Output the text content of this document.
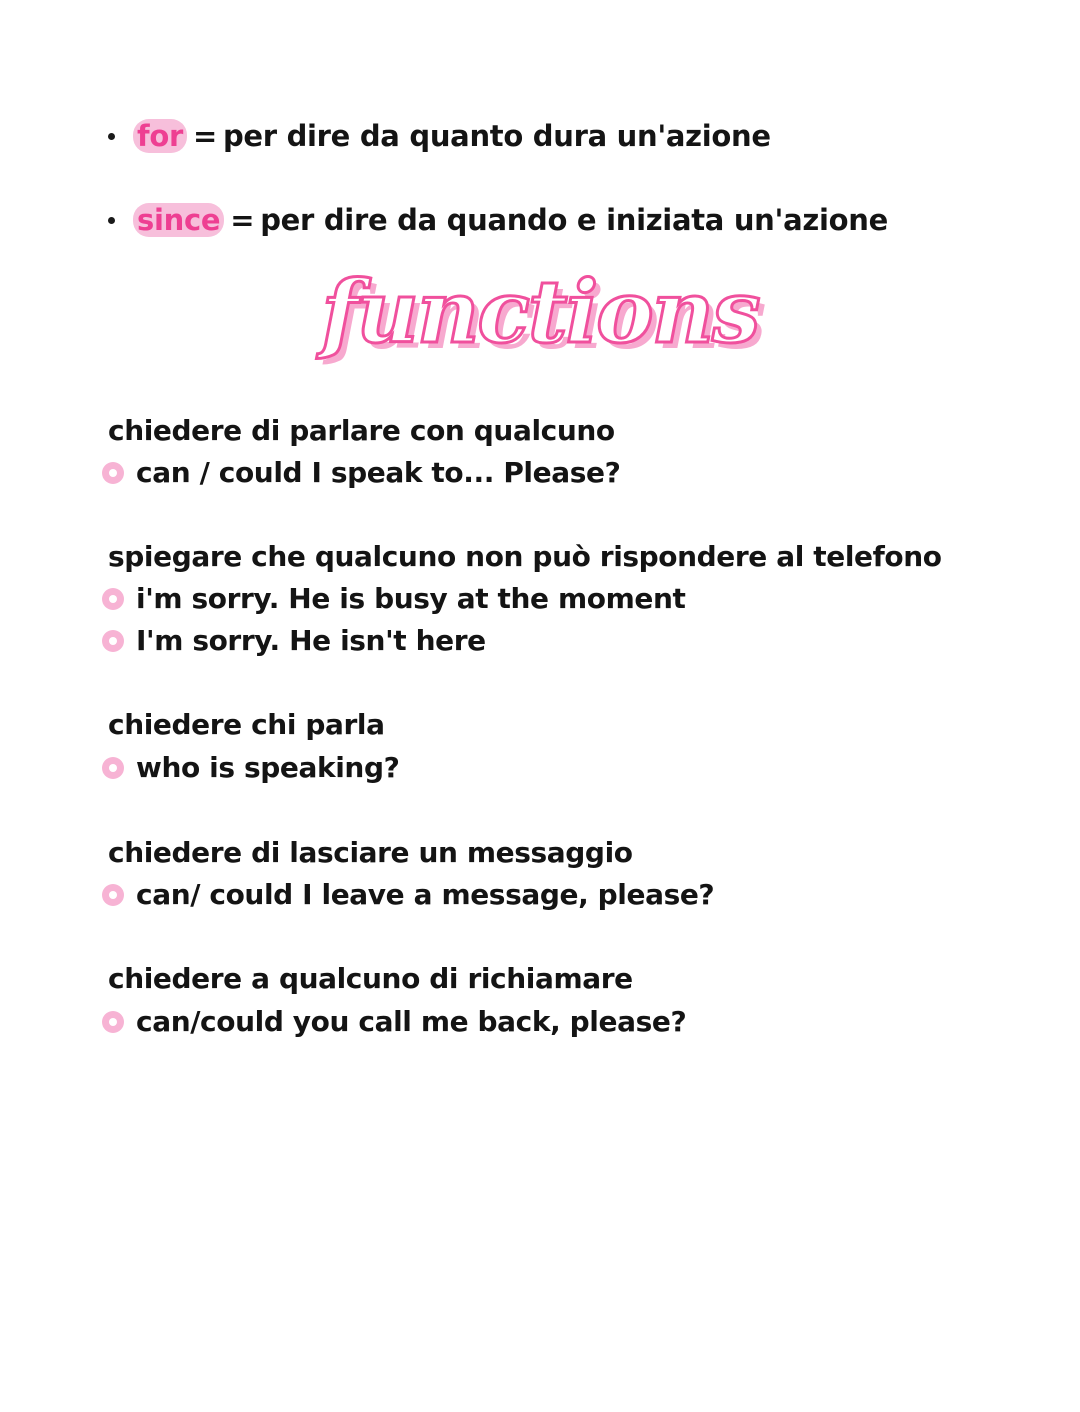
for = per dire da quanto dura un'azione
since = per dire da quando e iniziata un'azione
functions
chiedere di parlare con qualcuno
can / could I speak to... Please?
spiegare che qualcuno non può rispondere al telefono
i'm sorry. He is busy at the moment
I'm sorry. He isn't here
chiedere chi parla
who is speaking?
chiedere di lasciare un messaggio
can/ could I leave a message, please?
chiedere a qualcuno di richiamare
can/could you call me back, please?
